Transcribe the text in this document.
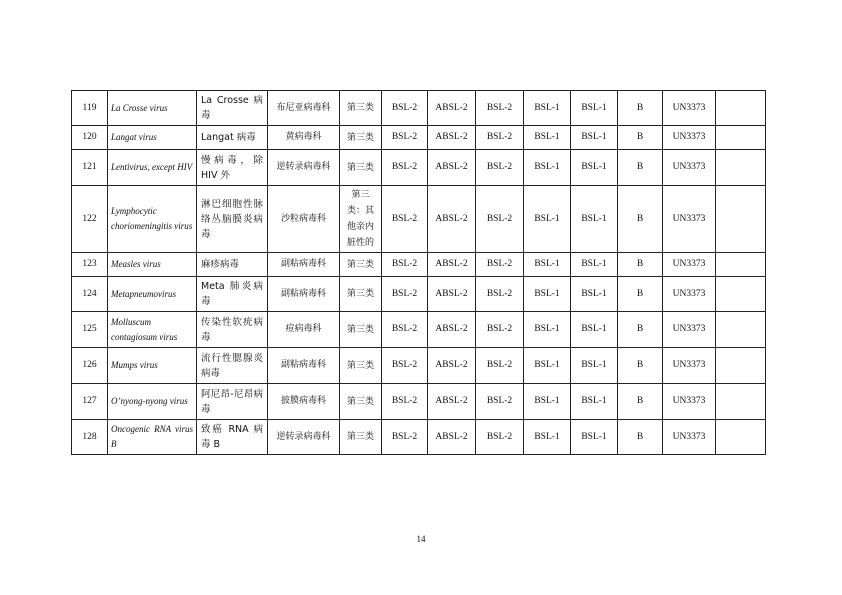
119	La Crosse virus	La Crosse 病毒	布尼亚病毒科	第三类	BSL-2	ABSL-2	BSL-2	BSL-1	BSL-1	B	UN3373	
120	Langat virus	Langat 病毒	黄病毒科	第三类	BSL-2	ABSL-2	BSL-2	BSL-1	BSL-1	B	UN3373	
121	Lentivirus, except HIV	慢病毒，除 HIV 外	逆转录病毒科	第三类	BSL-2	ABSL-2	BSL-2	BSL-1	BSL-1	B	UN3373	
122	Lymphocytic choriomeningitis virus	淋巴细胞性脉络丛脑膜炎病毒	沙粒病毒科	第三类：其他亲内脏性的	BSL-2	ABSL-2	BSL-2	BSL-1	BSL-1	B	UN3373	
123	Measles virus	麻疹病毒	副粘病毒科	第三类	BSL-2	ABSL-2	BSL-2	BSL-1	BSL-1	B	UN3373	
124	Metapneumovirus	Meta 肺炎病毒	副粘病毒科	第三类	BSL-2	ABSL-2	BSL-2	BSL-1	BSL-1	B	UN3373	
125	Molluscum contagiosum virus	传染性软疣病毒	痘病毒科	第三类	BSL-2	ABSL-2	BSL-2	BSL-1	BSL-1	B	UN3373	
126	Mumps virus	流行性腮腺炎病毒	副粘病毒科	第三类	BSL-2	ABSL-2	BSL-2	BSL-1	BSL-1	B	UN3373	
127	O’nyong-nyong virus	阿尼昂-尼昂病毒	披膜病毒科	第三类	BSL-2	ABSL-2	BSL-2	BSL-1	BSL-1	B	UN3373	
128	Oncogenic RNA virus B	致癌 RNA 病毒 B	逆转录病毒科	第三类	BSL-2	ABSL-2	BSL-2	BSL-1	BSL-1	B	UN3373	
14
